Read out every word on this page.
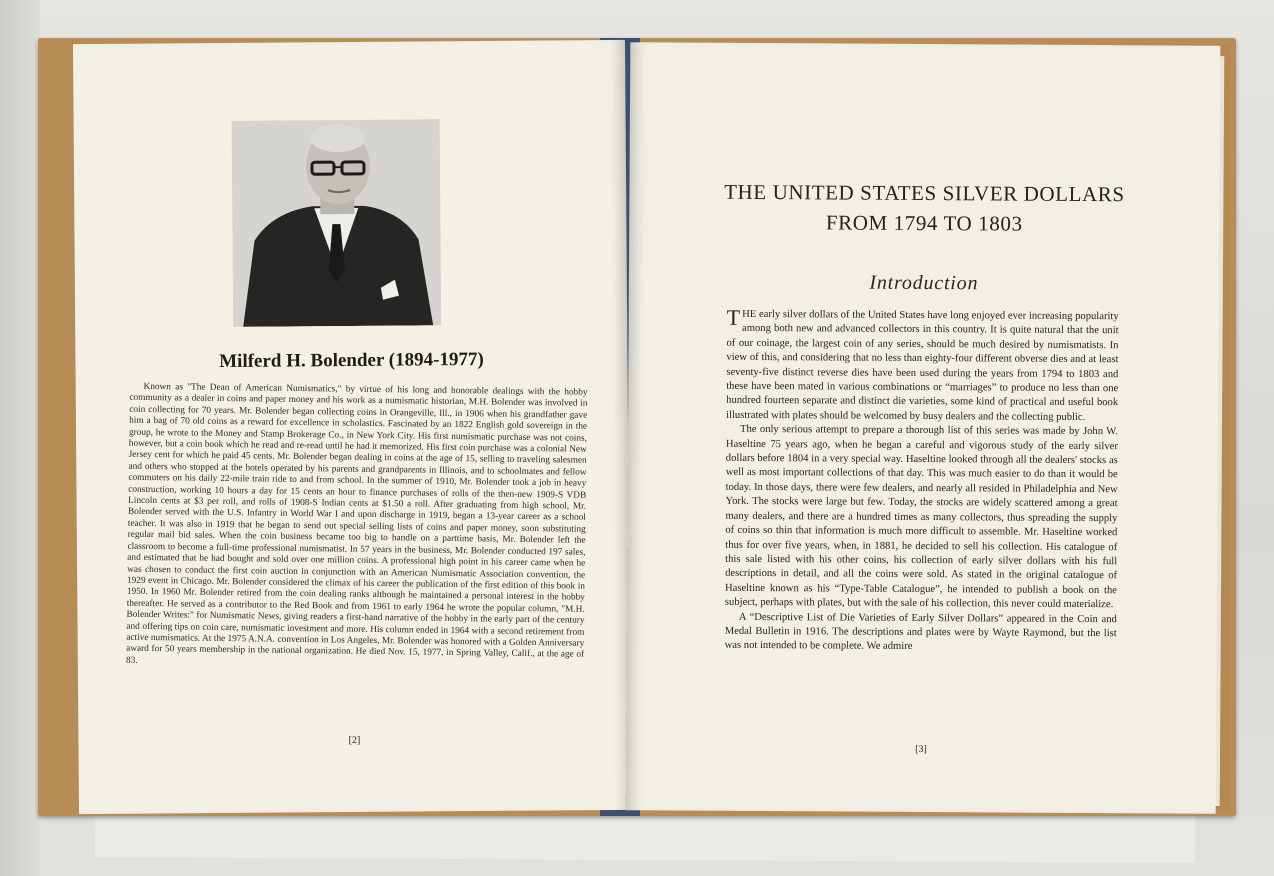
Milferd H. Bolender (1894-1977)
Known as "The Dean of American Numismatics," by virtue of his long and honorable dealings with the hobby community as a dealer in coins and paper money and his work as a numismatic historian, M.H. Bolender was involved in coin collecting for 70 years. Mr. Bolender began collecting coins in Orangeville, Ill., in 1906 when his grandfather gave him a bag of 70 old coins as a reward for excellence in scholastics. Fascinated by an 1822 English gold sovereign in the group, he wrote to the Money and Stamp Brokerage Co., in New York City. His first numismatic purchase was not coins, however, but a coin book which he read and re-read until he had it memorized. His first coin purchase was a colonial New Jersey cent for which he paid 45 cents. Mr. Bolender began dealing in coins at the age of 15, selling to traveling salesmen and others who stopped at the hotels operated by his parents and grandparents in Illinois, and to schoolmates and fellow commuters on his daily 22-mile train ride to and from school. In the summer of 1910, Mr. Bolender took a job in heavy construction, working 10 hours a day for 15 cents an hour to finance purchases of rolls of the then-new 1909-S VDB Lincoln cents at $3 per roll, and rolls of 1908-S Indian cents at $1.50 a roll. After graduating from high school, Mr. Bolender served with the U.S. Infantry in World War I and upon discharge in 1919, began a 13-year career as a school teacher. It was also in 1919 that he began to send out special selling lists of coins and paper money, soon substituting regular mail bid sales. When the coin business became too big to handle on a parttime basis, Mr. Bolender left the classroom to become a full-time professional numismatist. In 57 years in the business, Mr. Bolender conducted 197 sales, and estimated that he had bought and sold over one million coins. A professional high point in his career came when he was chosen to conduct the first coin auction in conjunction with an American Numismatic Association convention, the 1929 event in Chicago. Mr. Bolender considered the climax of his career the publication of the first edition of this book in 1950. In 1960 Mr. Bolender retired from the coin dealing ranks although he maintained a personal interest in the hobby thereafter. He served as a contributor to the Red Book and from 1961 to early 1964 he wrote the popular column, "M.H. Bolender Writes:" for Numismatic News, giving readers a first-hand narrative of the hobby in the early part of the century and offering tips on coin care, numismatic investment and more. His column ended in 1964 with a second retirement from active numismatics. At the 1975 A.N.A. convention in Los Angeles, Mr. Bolender was honored with a Golden Anniversary award for 50 years membership in the national organization. He died Nov. 15, 1977, in Spring Valley, Calif., at the age of 83.
[2]
THE UNITED STATES SILVER DOLLARS
FROM 1794 TO 1803
Introduction

THE early silver dollars of the United States have long enjoyed ever increasing popularity among both new and advanced collectors in this country. It is quite natural that the unit of our coinage, the largest coin of any series, should be much desired by numismatists. In view of this, and considering that no less than eighty-four different obverse dies and at least seventy-five distinct reverse dies have been used during the years from 1794 to 1803 and these have been mated in various combinations or “marriages” to produce no less than one hundred fourteen separate and distinct die varieties, some kind of practical and useful book illustrated with plates should be welcomed by busy dealers and the collecting public.

The only serious attempt to prepare a thorough list of this series was made by John W. Haseltine 75 years ago, when he began a careful and vigorous study of the early silver dollars before 1804 in a very special way. Haseltine looked through all the dealers' stocks as well as most important collections of that day. This was much easier to do than it would be today. In those days, there were few dealers, and nearly all resided in Philadelphia and New York. The stocks were large but few. Today, the stocks are widely scattered among a great many dealers, and there are a hundred times as many collectors, thus spreading the supply of coins so thin that information is much more difficult to assemble. Mr. Haseltine worked thus for over five years, when, in 1881, he decided to sell his collection. His catalogue of this sale listed with his other coins, his collection of early silver dollars with his full descriptions in detail, and all the coins were sold. As stated in the original catalogue of Haseltine known as his “Type-Table Catalogue”, he intended to publish a book on the subject, perhaps with plates, but with the sale of his collection, this never could materialize.

A “Descriptive List of Die Varieties of Early Silver Dollars” appeared in the Coin and Medal Bulletin in 1916. The descriptions and plates were by Wayte Raymond, but the list was not intended to be complete. We admire

[3]
